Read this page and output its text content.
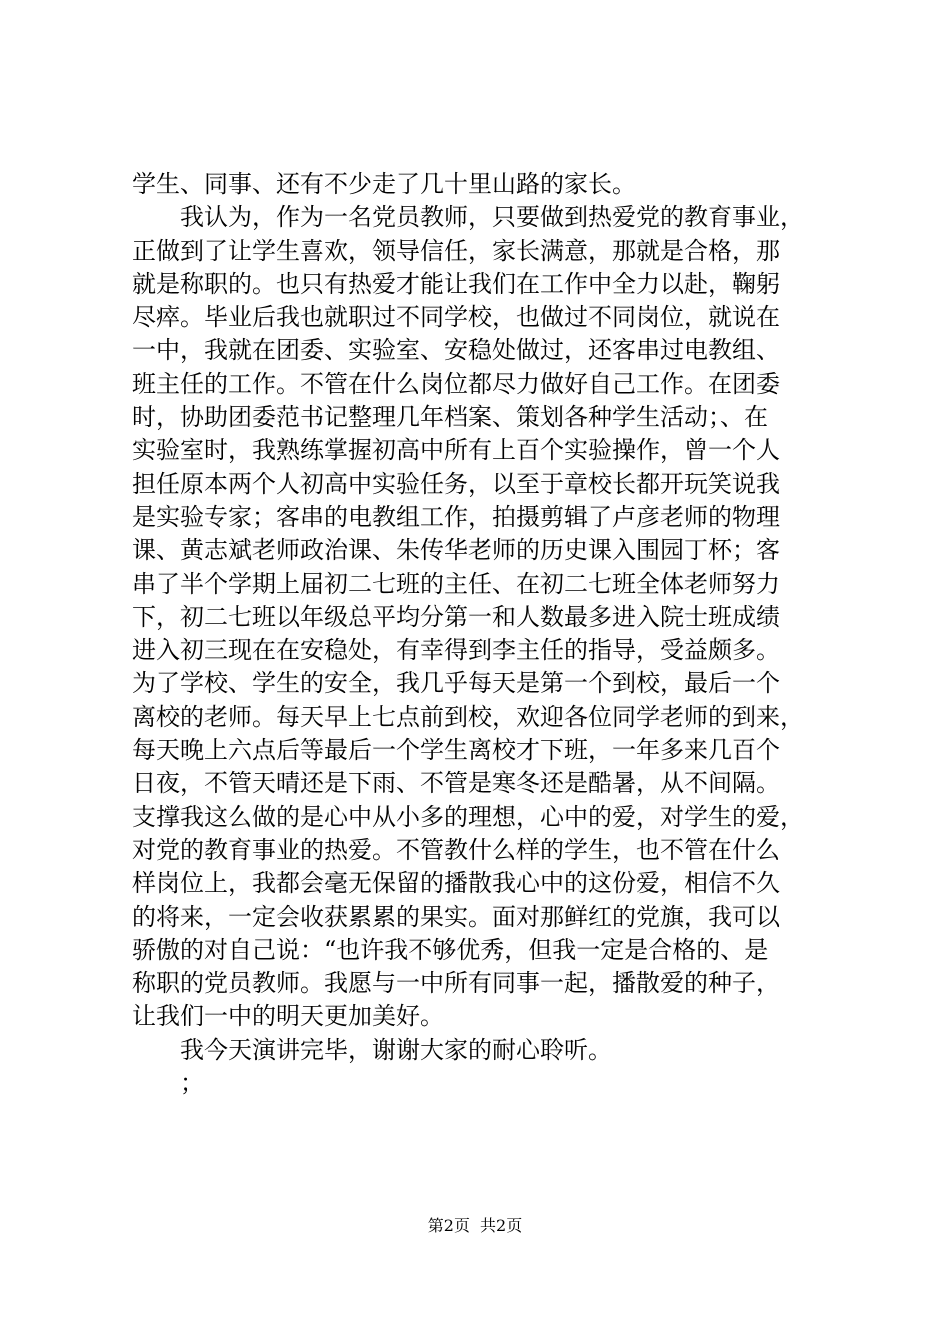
学生、同事、还有不少走了几十里山路的家长。
我认为，作为一名党员教师，只要做到热爱党的教育事业，
正做到了让学生喜欢，领导信任，家长满意，那就是合格，那
就是称职的。也只有热爱才能让我们在工作中全力以赴，鞠躬
尽瘁。毕业后我也就职过不同学校，也做过不同岗位，就说在
一中，我就在团委、实验室、安稳处做过，还客串过电教组、
班主任的工作。不管在什么岗位都尽力做好自己工作。在团委
时，协助团委范书记整理几年档案、策划各种学生活动；、在
实验室时，我熟练掌握初高中所有上百个实验操作，曾一个人
担任原本两个人初高中实验任务，以至于章校长都开玩笑说我
是实验专家；客串的电教组工作，拍摄剪辑了卢彦老师的物理
课、黄志斌老师政治课、朱传华老师的历史课入围园丁杯；客
串了半个学期上届初二七班的主任、在初二七班全体老师努力
下，初二七班以年级总平均分第一和人数最多进入院士班成绩
进入初三现在在安稳处，有幸得到李主任的指导，受益颇多。
为了学校、学生的安全，我几乎每天是第一个到校，最后一个
离校的老师。每天早上七点前到校，欢迎各位同学老师的到来，
每天晚上六点后等最后一个学生离校才下班，一年多来几百个
日夜，不管天晴还是下雨、不管是寒冬还是酷暑，从不间隔。
支撑我这么做的是心中从小多的理想，心中的爱，对学生的爱，
对党的教育事业的热爱。不管教什么样的学生，也不管在什么
样岗位上，我都会毫无保留的播散我心中的这份爱，相信不久
的将来，一定会收获累累的果实。面对那鲜红的党旗，我可以
骄傲的对自己说：“也许我不够优秀，但我一定是合格的、是
称职的党员教师。我愿与一中所有同事一起，播散爱的种子，
让我们一中的明天更加美好。
我今天演讲完毕，谢谢大家的耐心聆听。
；
第2页 共2页
